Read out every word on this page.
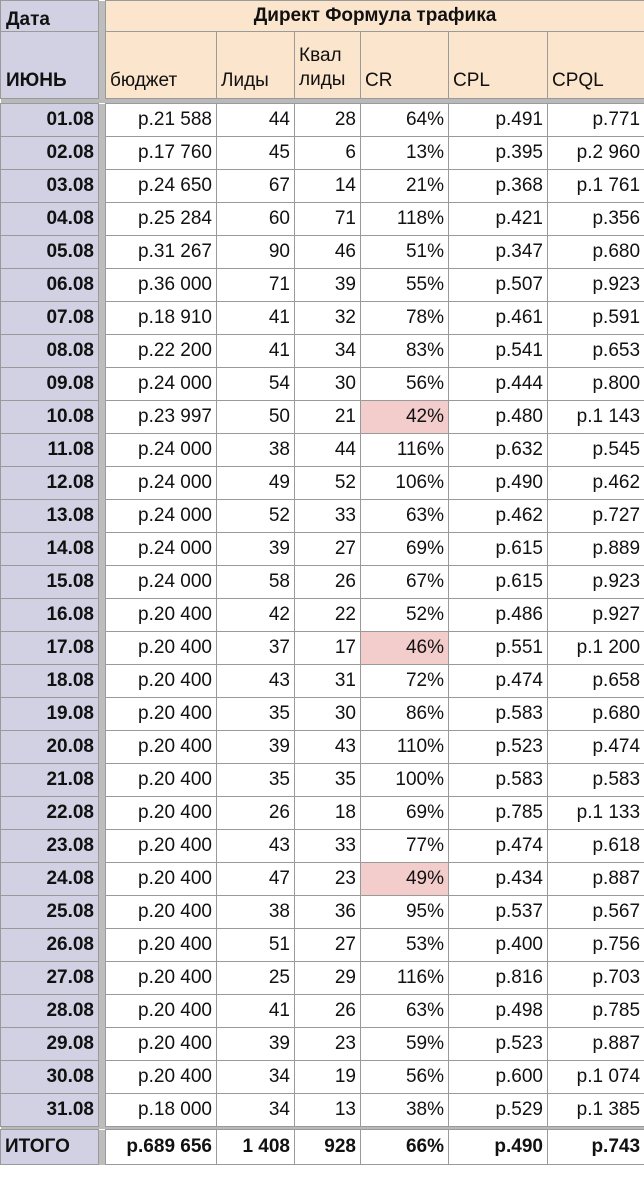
Дата		Директ Формула трафика					
ИЮНЬ		бюджет	Лиды	Квал лиды	CR	CPL	CPQL

01.08		р.21 588	44	28	64%	р.491	р.771
02.08		р.17 760	45	6	13%	р.395	р.2 960
03.08		р.24 650	67	14	21%	р.368	р.1 761
04.08		р.25 284	60	71	118%	р.421	р.356
05.08		р.31 267	90	46	51%	р.347	р.680
06.08		р.36 000	71	39	55%	р.507	р.923
07.08		р.18 910	41	32	78%	р.461	р.591
08.08		р.22 200	41	34	83%	р.541	р.653
09.08		р.24 000	54	30	56%	р.444	р.800
10.08		р.23 997	50	21	42%	р.480	р.1 143
11.08		р.24 000	38	44	116%	р.632	р.545
12.08		р.24 000	49	52	106%	р.490	р.462
13.08		р.24 000	52	33	63%	р.462	р.727
14.08		р.24 000	39	27	69%	р.615	р.889
15.08		р.24 000	58	26	67%	р.615	р.923
16.08		р.20 400	42	22	52%	р.486	р.927
17.08		р.20 400	37	17	46%	р.551	р.1 200
18.08		р.20 400	43	31	72%	р.474	р.658
19.08		р.20 400	35	30	86%	р.583	р.680
20.08		р.20 400	39	43	110%	р.523	р.474
21.08		р.20 400	35	35	100%	р.583	р.583
22.08		р.20 400	26	18	69%	р.785	р.1 133
23.08		р.20 400	43	33	77%	р.474	р.618
24.08		р.20 400	47	23	49%	р.434	р.887
25.08		р.20 400	38	36	95%	р.537	р.567
26.08		р.20 400	51	27	53%	р.400	р.756
27.08		р.20 400	25	29	116%	р.816	р.703
28.08		р.20 400	41	26	63%	р.498	р.785
29.08		р.20 400	39	23	59%	р.523	р.887
30.08		р.20 400	34	19	56%	р.600	р.1 074
31.08		р.18 000	34	13	38%	р.529	р.1 385

ИТОГО		р.689 656	1 408	928	66%	р.490	р.743
